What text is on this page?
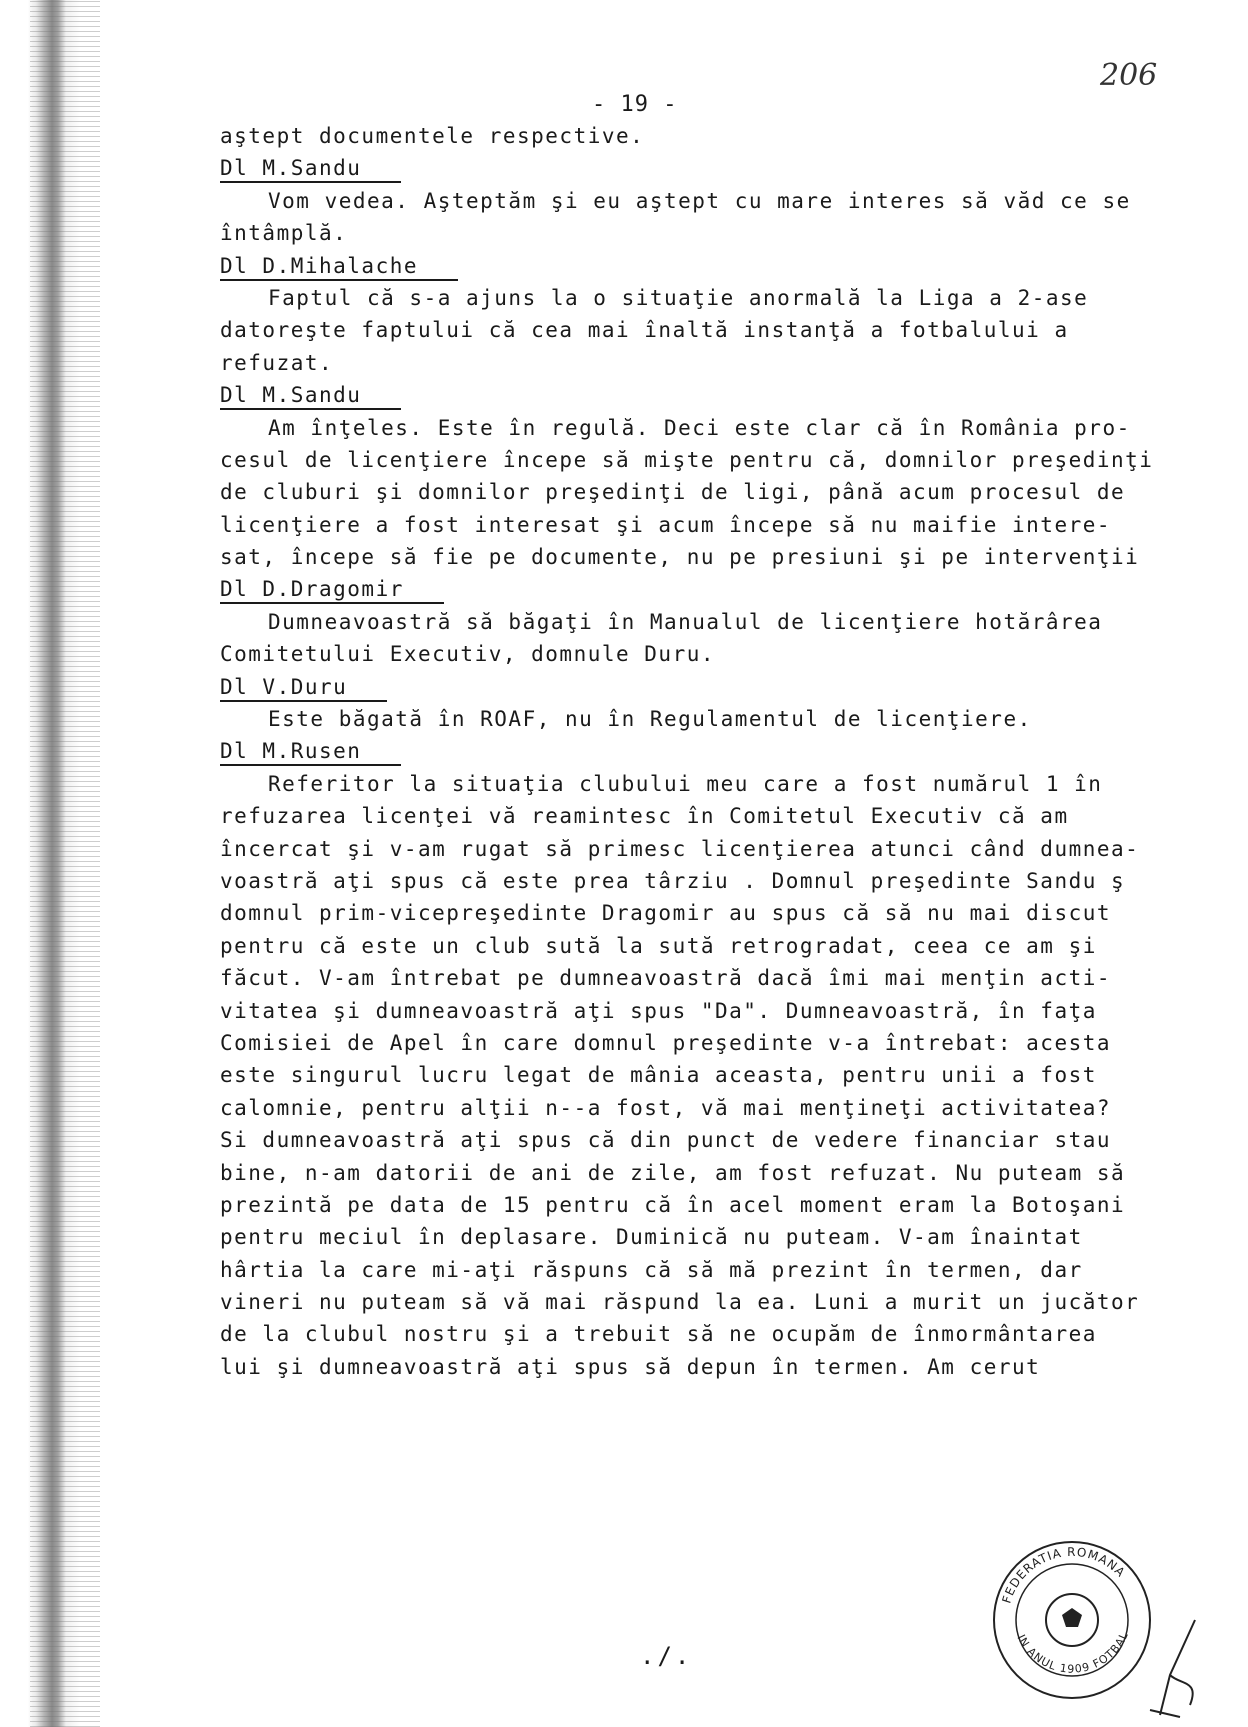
206
- 19 -
aştept documentele respective.
Dl M.Sandu
Vom vedea. Aşteptăm şi eu aştept cu mare interes să văd ce se
întâmplă.
Dl D.Mihalache
Faptul că s-a ajuns la o situaţie anormală la Liga a 2-ase
datoreşte faptului că cea mai înaltă instanţă a fotbalului a
refuzat.
Dl M.Sandu
Am înţeles. Este în regulă. Deci este clar că în România pro-
cesul de licenţiere începe să mişte pentru că, domnilor preşedinţi
de cluburi şi domnilor preşedinţi de ligi, până acum procesul de
licenţiere a fost interesat şi acum începe să nu maifie intere-
sat, începe să fie pe documente, nu pe presiuni şi pe intervenţii
Dl D.Dragomir
Dumneavoastră să băgaţi în Manualul de licenţiere hotărârea
Comitetului Executiv, domnule Duru.
Dl V.Duru
Este băgată în ROAF, nu în Regulamentul de licenţiere.
Dl M.Rusen
Referitor la situaţia clubului meu care a fost numărul 1 în
refuzarea licenţei vă reamintesc în Comitetul Executiv că am
încercat şi v-am rugat să primesc licenţierea atunci când dumnea-
voastră aţi spus că este prea târziu . Domnul preşedinte Sandu ş
domnul prim-vicepreşedinte Dragomir au spus că să nu mai discut
pentru că este un club sută la sută retrogradat, ceea ce am şi
făcut. V-am întrebat pe dumneavoastră dacă îmi mai menţin acti-
vitatea şi dumneavoastră aţi spus "Da". Dumneavoastră, în faţa
Comisiei de Apel în care domnul preşedinte v-a întrebat: acesta
este singurul lucru legat de mânia aceasta, pentru unii a fost
calomnie, pentru alţii n--a fost, vă mai menţineţi activitatea?
Si dumneavoastră aţi spus că din punct de vedere financiar stau
bine, n-am datorii de ani de zile, am fost refuzat. Nu puteam să
prezintă pe data de 15 pentru că în acel moment eram la Botoşani
pentru meciul în deplasare. Duminică nu puteam. V-am înaintat
hârtia la care mi-aţi răspuns că să mă prezint în termen, dar
vineri nu puteam să vă mai răspund la ea. Luni a murit un jucător
de la clubul nostru şi a trebuit să ne ocupăm de înmormântarea
lui şi dumneavoastră aţi spus să depun în termen. Am cerut
./.
FEDERATIA ROMANA
IN ANUL 1909 FOTBAL
